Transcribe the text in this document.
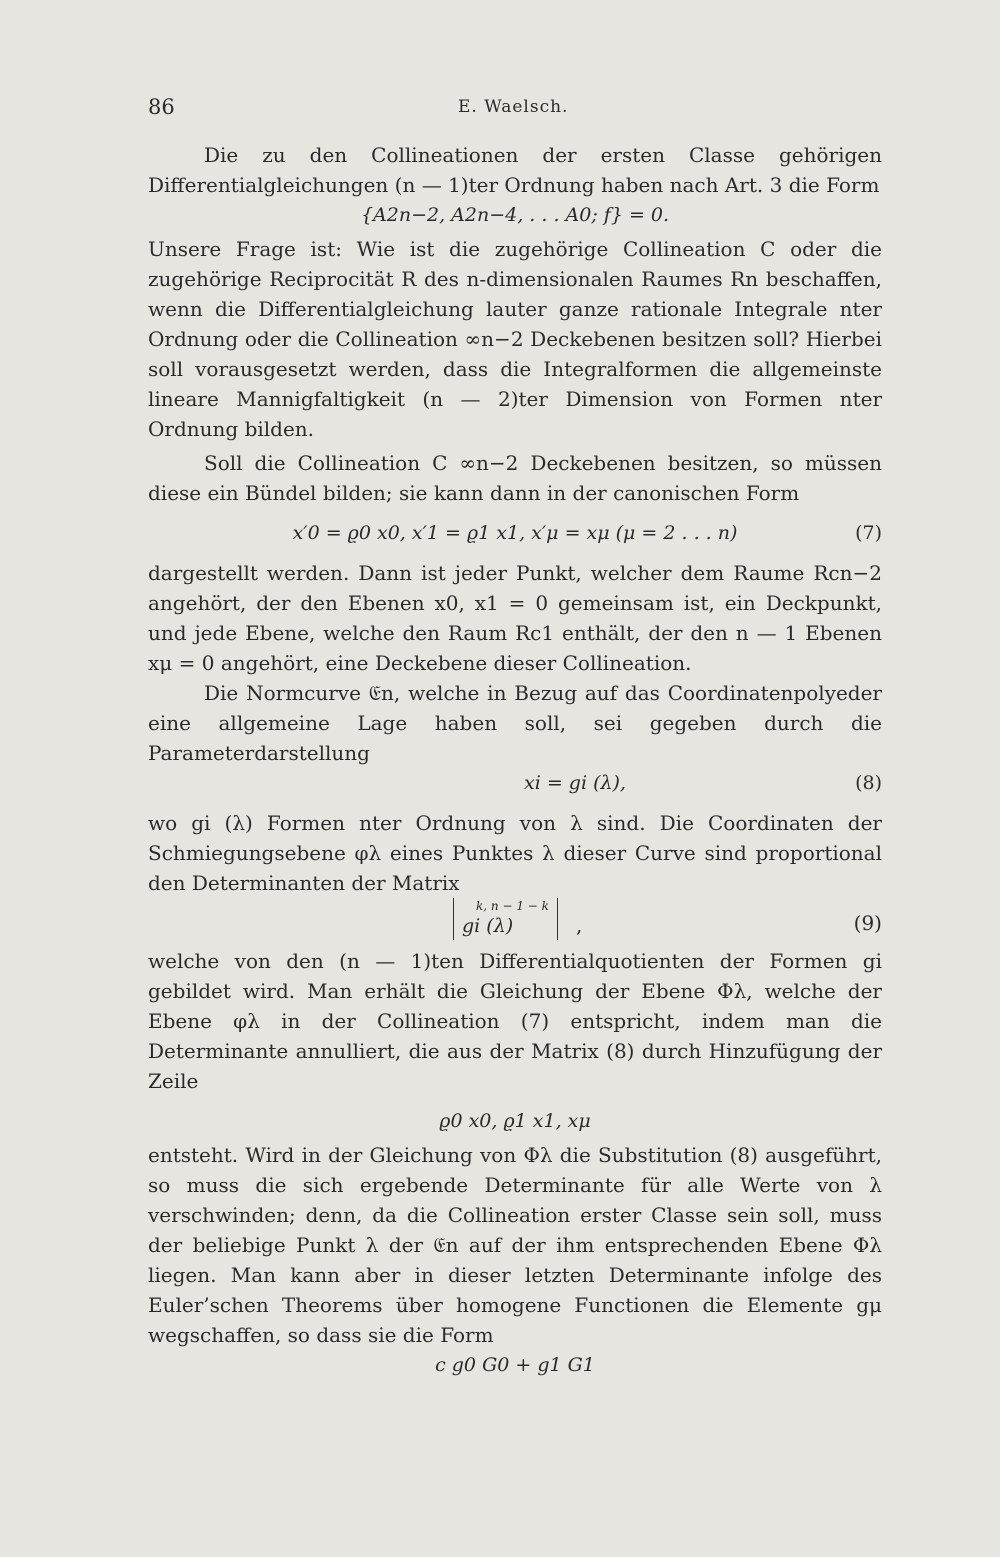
86	E. Waelsch.

Die zu den Collineationen der ersten Classe gehörigen Differentialgleichungen (n — 1)ter Ordnung haben nach Art. 3 die Form

{A2n−2, A2n−4, . . . A0; f} = 0.

Unsere Frage ist: Wie ist die zugehörige Collineation C oder die zugehörige Reciprocität R des n-dimensionalen Raumes Rn beschaffen, wenn die Differentialgleichung lauter ganze rationale Integrale nter Ordnung oder die Collineation ∞n−2 Deckebenen besitzen soll? Hierbei soll vorausgesetzt werden, dass die Integralformen die allgemeinste lineare Mannigfaltigkeit (n — 2)ter Dimension von Formen nter Ordnung bilden.

Soll die Collineation C ∞n−2 Deckebenen besitzen, so müssen diese ein Bündel bilden; sie kann dann in der canonischen Form

x′0 = ϱ0 x0, x′1 = ϱ1 x1, x′μ = xμ (μ = 2 . . . n)	(7)

dargestellt werden. Dann ist jeder Punkt, welcher dem Raume Rcn−2 angehört, der den Ebenen x0, x1 = 0 gemeinsam ist, ein Deckpunkt, und jede Ebene, welche den Raum Rc1 enthält, der den n — 1 Ebenen xμ = 0 angehört, eine Deckebene dieser Collineation.

Die Normcurve 𝔈n, welche in Bezug auf das Coordinatenpolyeder eine allgemeine Lage haben soll, sei gegeben durch die Parameterdarstellung

xi = gi (λ),	(8)

wo gi (λ) Formen nter Ordnung von λ sind. Die Coordinaten der Schmiegungsebene φλ eines Punktes λ dieser Curve sind proportional den Determinanten der Matrix

k, n − 1 − k
gi (λ)	,	(9)

welche von den (n — 1)ten Differentialquotienten der Formen gi gebildet wird. Man erhält die Gleichung der Ebene Φλ, welche der Ebene φλ in der Collineation (7) entspricht, indem man die Determinante annulliert, die aus der Matrix (8) durch Hinzufügung der Zeile

ϱ0 x0, ϱ1 x1, xμ

entsteht. Wird in der Gleichung von Φλ die Substitution (8) ausgeführt, so muss die sich ergebende Determinante für alle Werte von λ verschwinden; denn, da die Collineation erster Classe sein soll, muss der beliebige Punkt λ der 𝔈n auf der ihm entsprechenden Ebene Φλ liegen. Man kann aber in dieser letzten Determinante infolge des Euler’schen Theorems über homogene Functionen die Elemente gμ wegschaffen, so dass sie die Form

c g0 G0 + g1 G1
